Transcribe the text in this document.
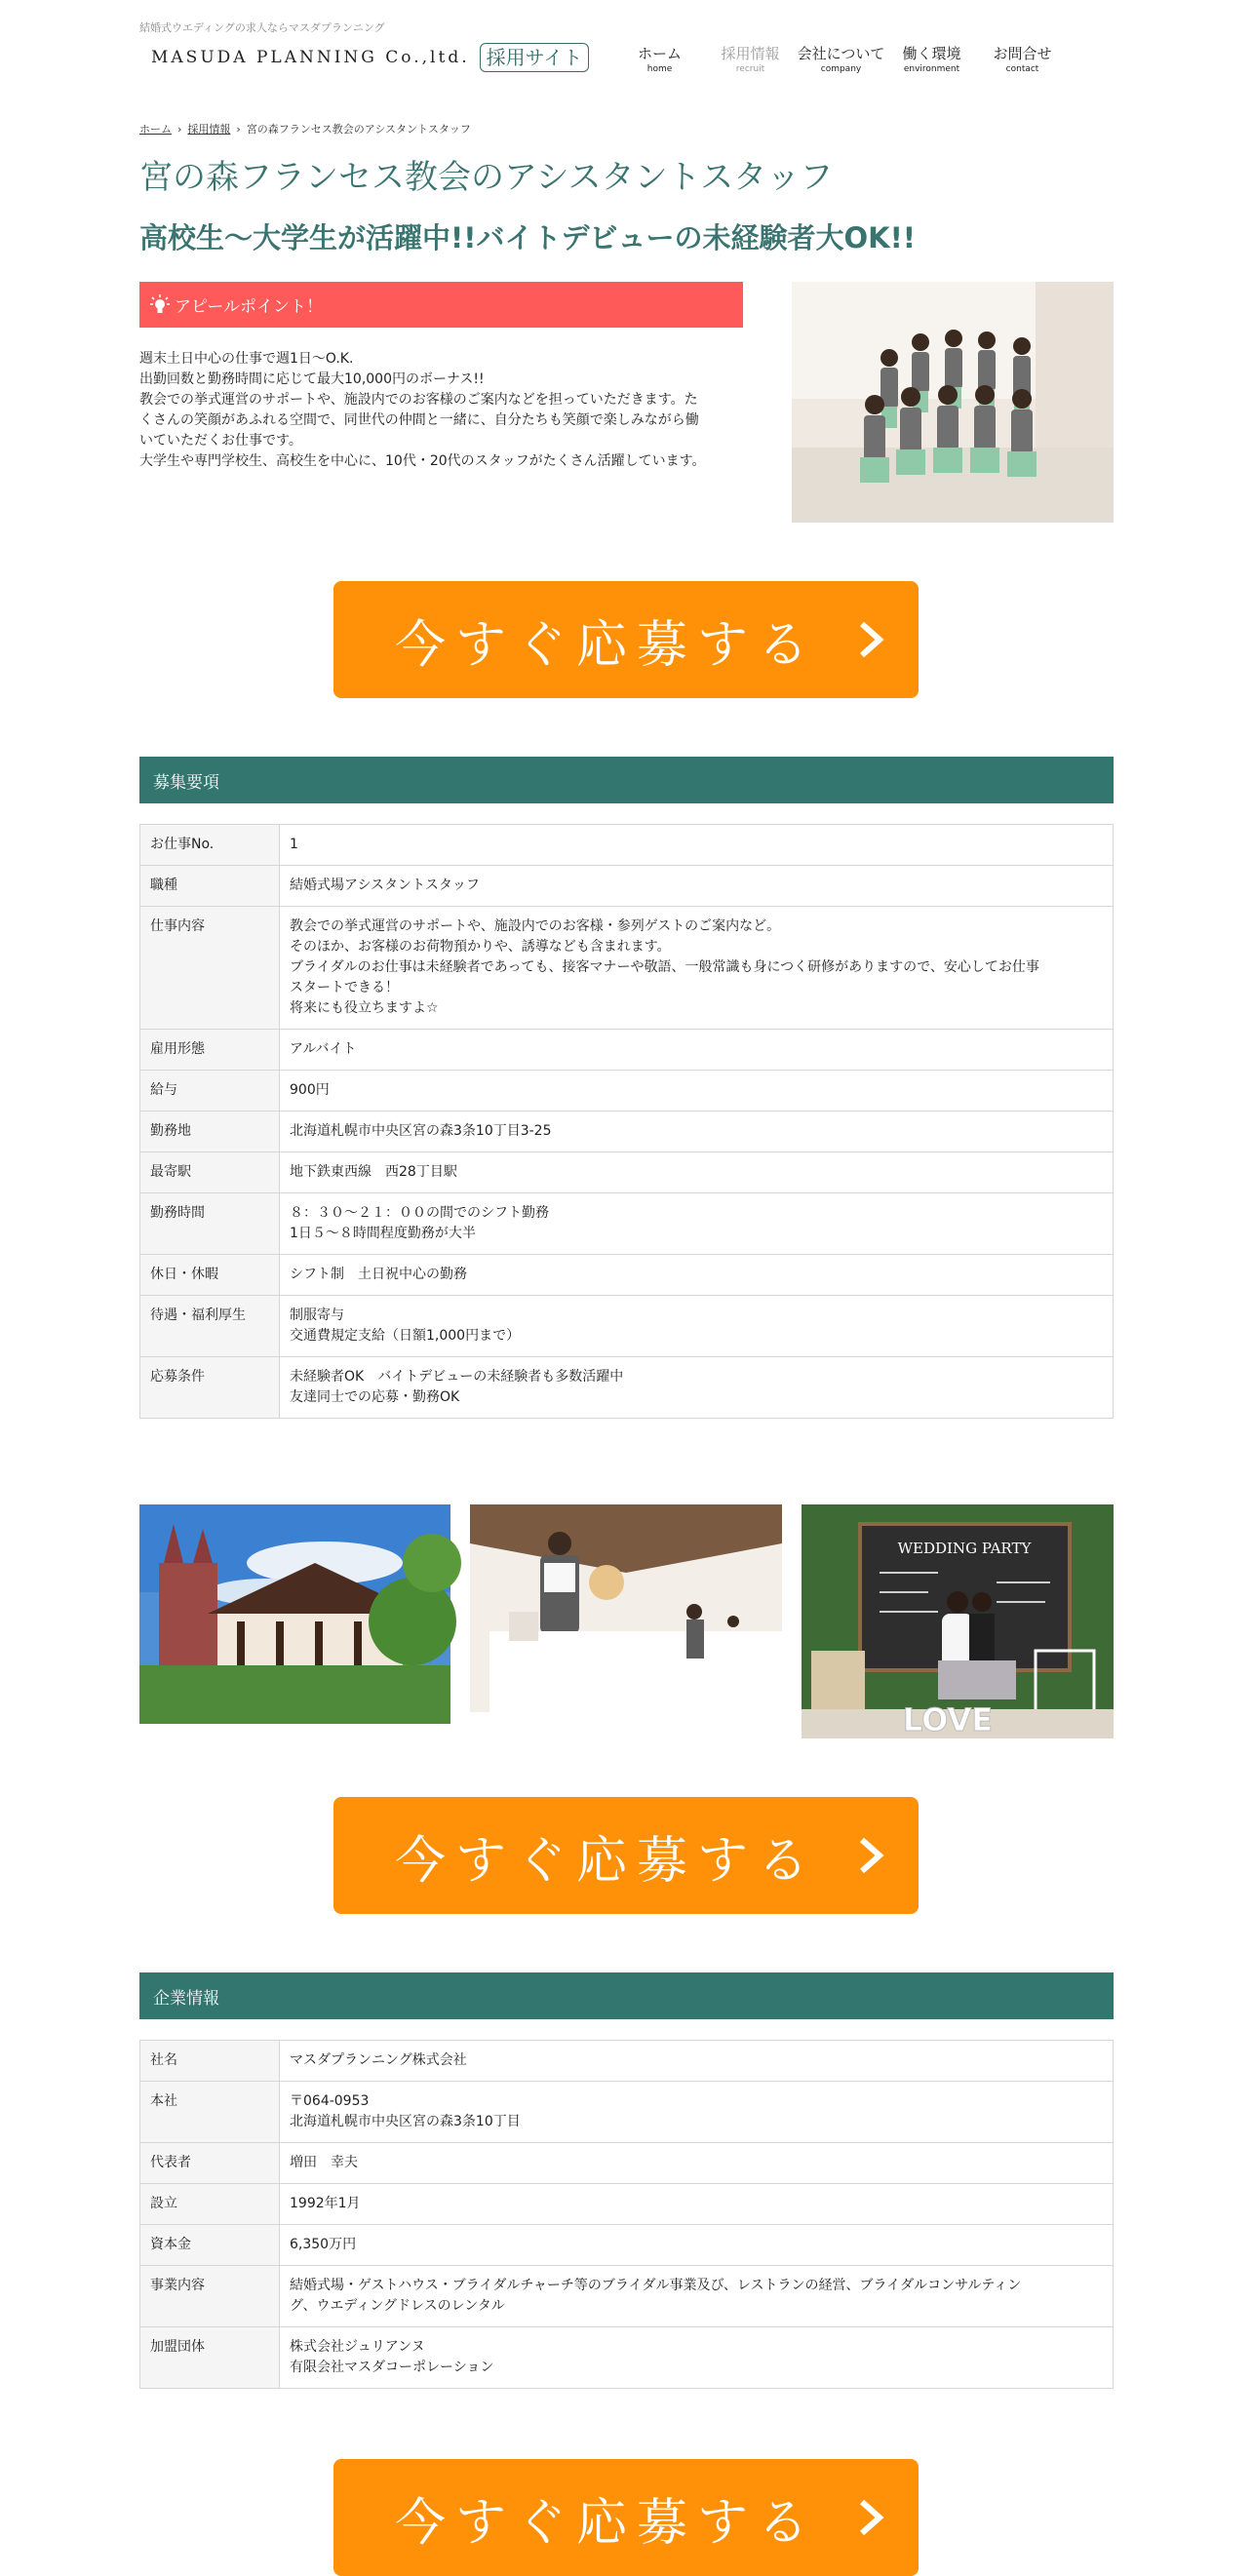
結婚式ウエディングの求人ならマスダプランニング
MASUDA PLANNING Co.,ltd. 採用サイト	ホーム
home
採用情報
recruit
会社について
company
働く環境
environment
お問合せ
contact
ホーム › 採用情報 › 宮の森フランセス教会のアシスタントスタッフ
宮の森フランセス教会のアシスタントスタッフ
高校生～大学生が活躍中!!バイトデビューの未経験者大OK!!
アピールポイント！

週末土日中心の仕事で週1日～O.K.

出勤回数と勤務時間に応じて最大10,000円のボーナス!!

教会での挙式運営のサポートや、施設内でのお客様のご案内などを担っていただきます。た

くさんの笑顔があふれる空間で、同世代の仲間と一緒に、自分たちも笑顔で楽しみながら働

いていただくお仕事です。

大学生や専門学校生、高校生を中心に、10代・20代のスタッフがたくさん活躍しています。

今すぐ応募する
募集要項
お仕事No.	1

職種	結婚式場アシスタントスタッフ

仕事内容	教会での挙式運営のサポートや、施設内でのお客様・参列ゲストのご案内など。
そのほか、お客様のお荷物預かりや、誘導なども含まれます。
ブライダルのお仕事は未経験者であっても、接客マナーや敬語、一般常識も身につく研修がありますので、安心してお仕事
スタートできる！
将来にも役立ちますよ☆

雇用形態	アルバイト

給与	900円

勤務地	北海道札幌市中央区宮の森3条10丁目3-25

最寄駅	地下鉄東西線　西28丁目駅

勤務時間	８：３０～２１：００の間でのシフト勤務
1日５～８時間程度勤務が大半

休日・休暇	シフト制　土日祝中心の勤務

待遇・福利厚生	制服寄与
交通費規定支給（日額1,000円まで）

応募条件	未経験者OK　バイトデビューの未経験者も多数活躍中
友達同士での応募・勤務OK
WEDDING PARTY
LOVE
今すぐ応募する
企業情報
社名	マスダプランニング株式会社

本社	〒064-0953
北海道札幌市中央区宮の森3条10丁目

代表者	増田　幸夫

設立	1992年1月

資本金	6,350万円

事業内容	結婚式場・ゲストハウス・ブライダルチャーチ等のブライダル事業及び、レストランの経営、ブライダルコンサルティン
グ、ウエディングドレスのレンタル

加盟団体	株式会社ジュリアンヌ
有限会社マスダコーポレーション
今すぐ応募する
